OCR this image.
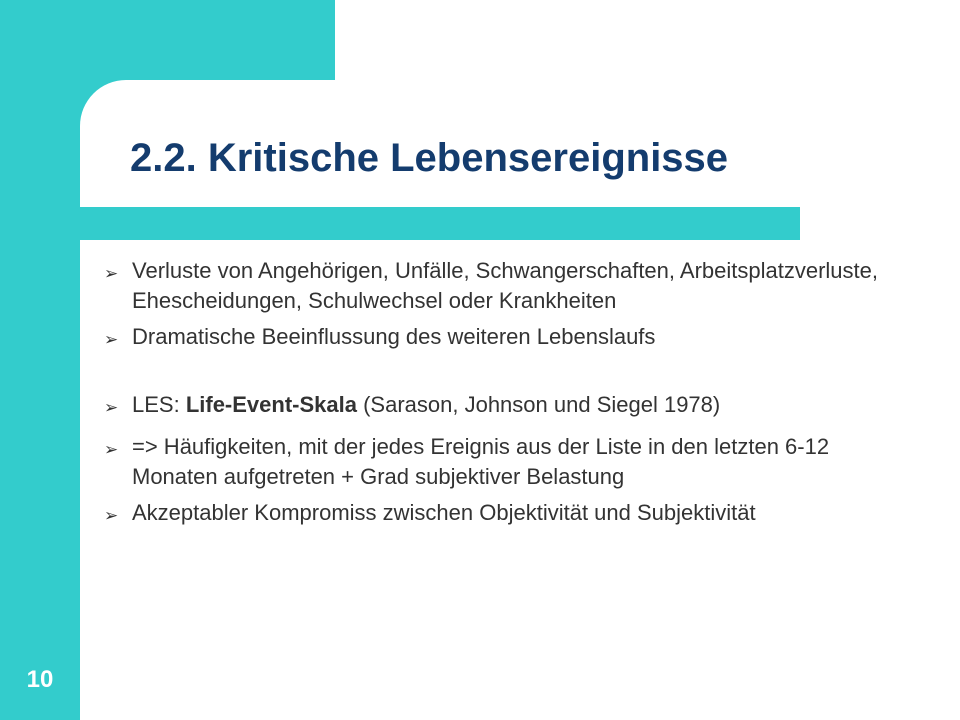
2.2. Kritische Lebensereignisse
➢ Verluste von Angehörigen, Unfälle, Schwangerschaften, Arbeitsplatzverluste, Ehescheidungen, Schulwechsel oder Krankheiten
➢ Dramatische Beeinflussung des weiteren Lebenslaufs
➢ LES: Life-Event-Skala (Sarason, Johnson und Siegel 1978)
➢ => Häufigkeiten, mit der jedes Ereignis aus der Liste in den letzten 6-12 Monaten aufgetreten + Grad subjektiver Belastung
➢ Akzeptabler Kompromiss zwischen Objektivität und Subjektivität
10
